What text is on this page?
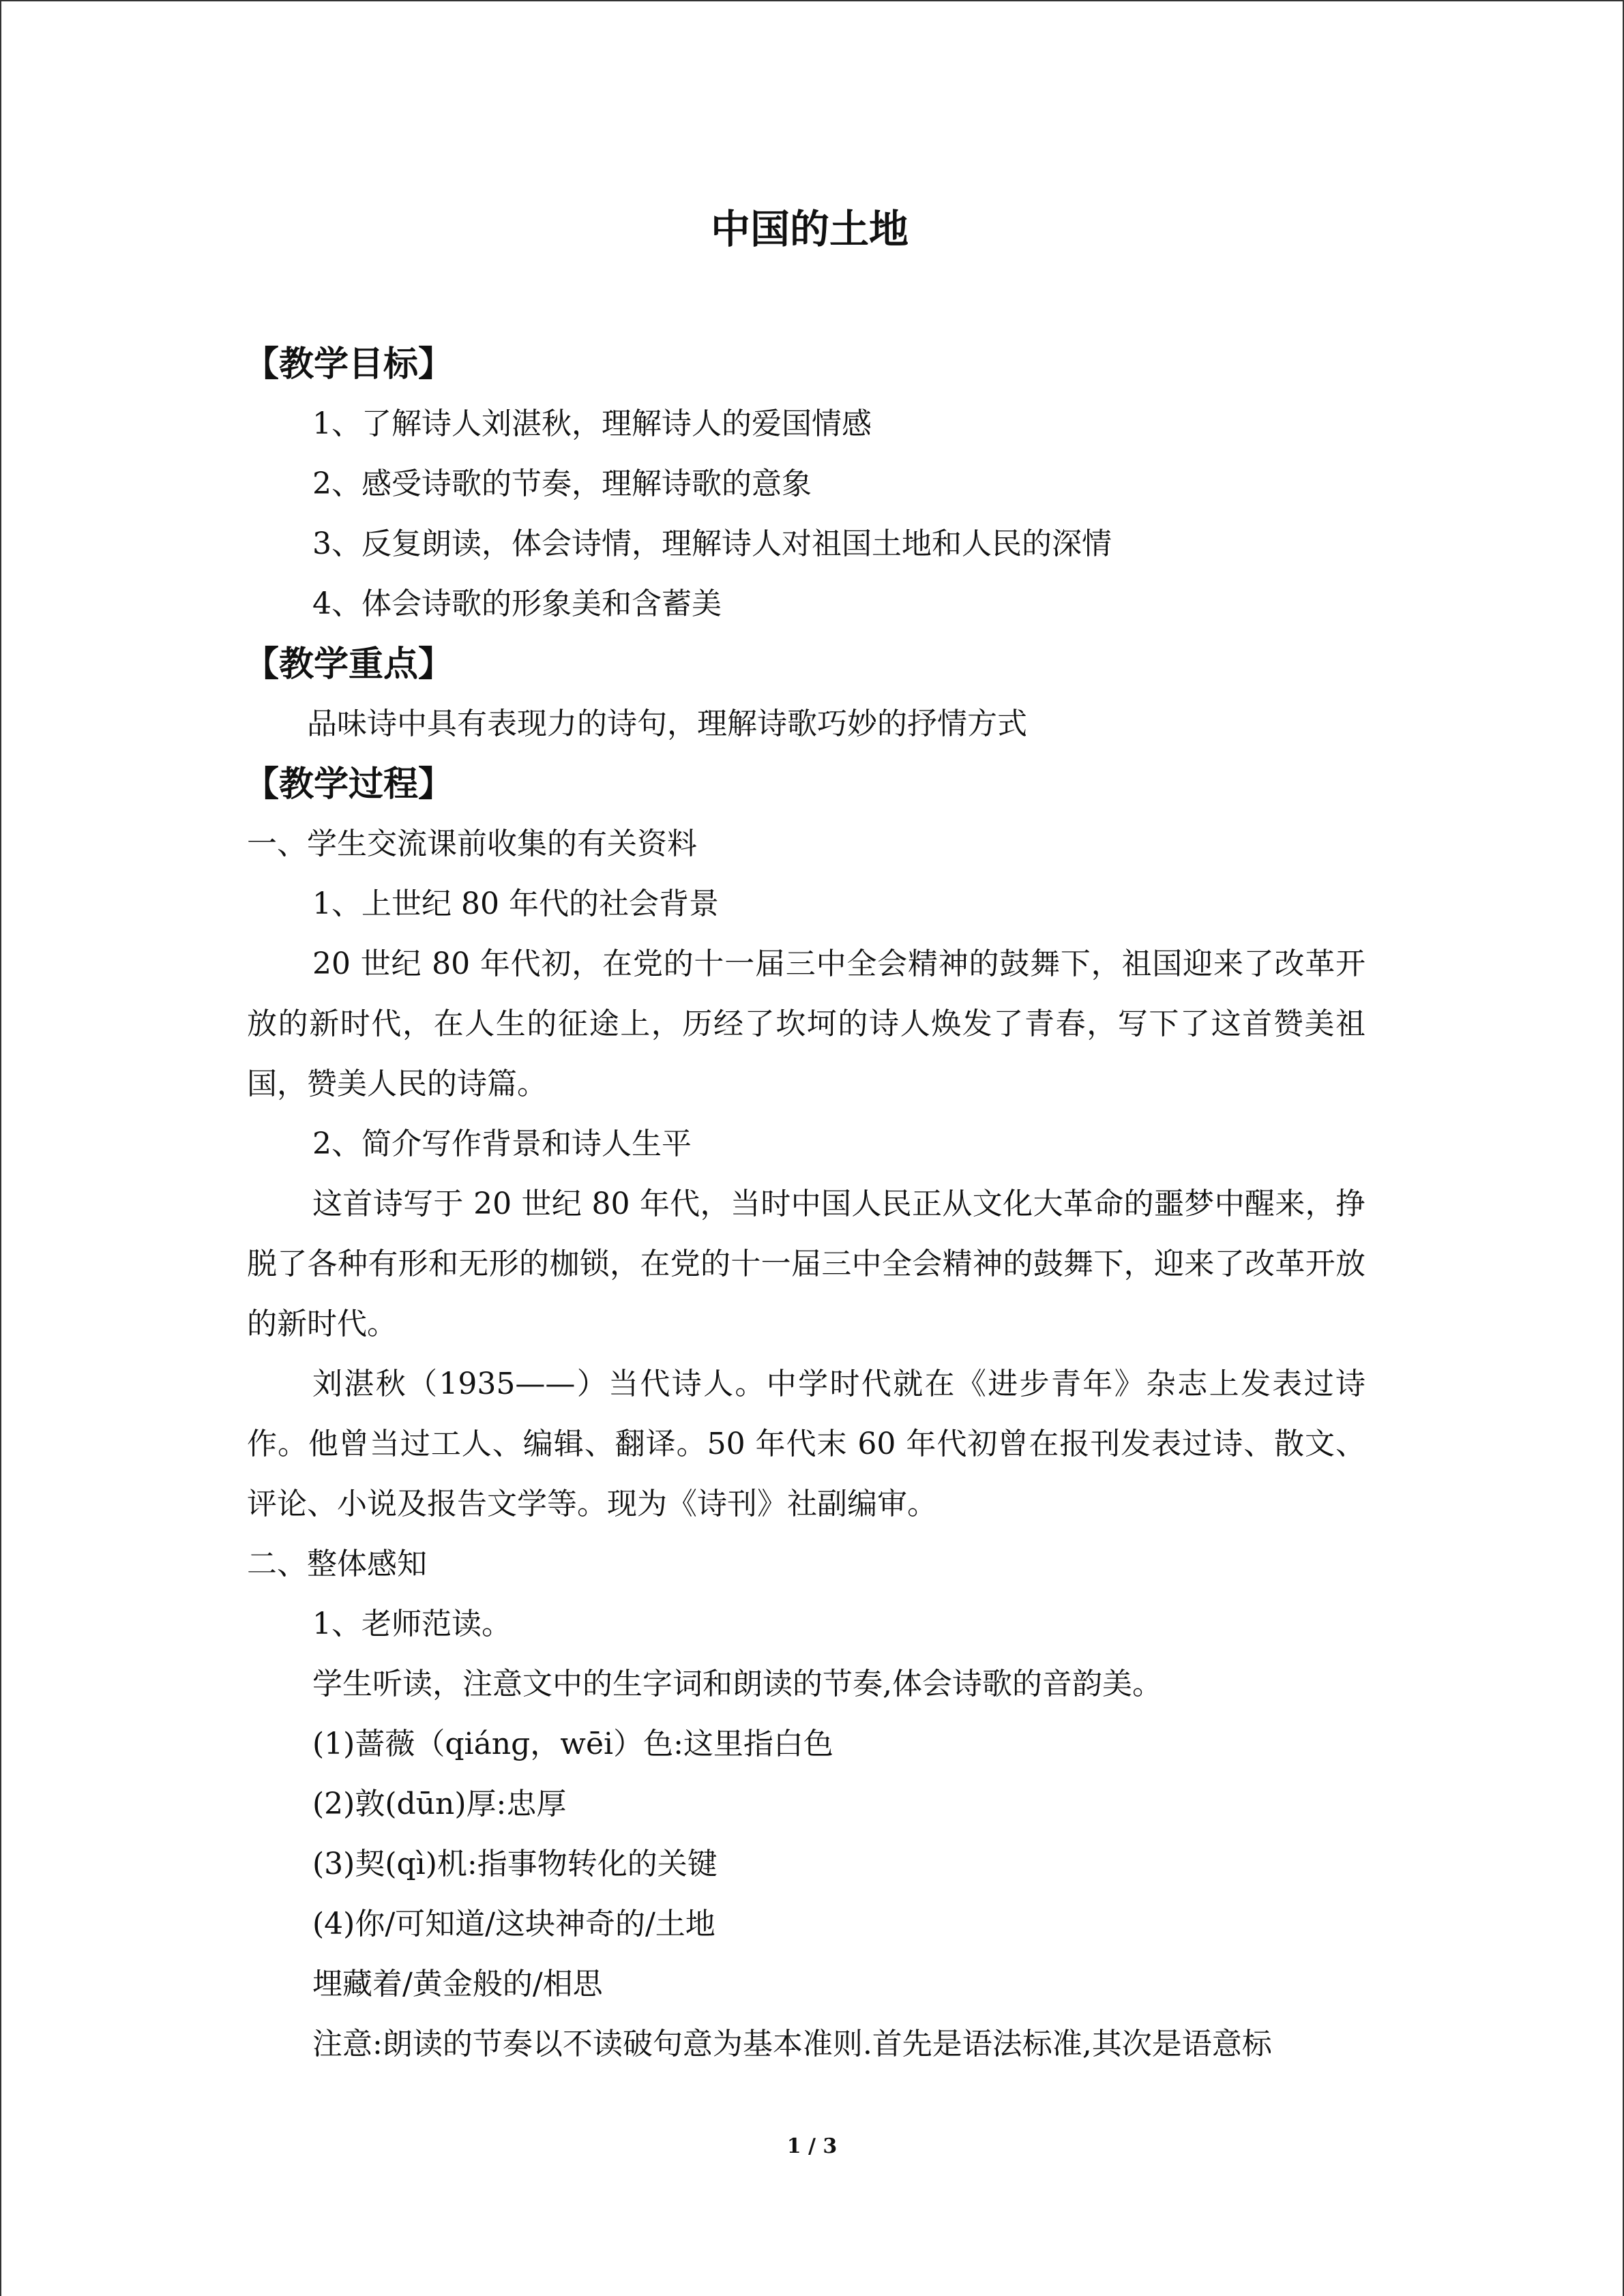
中国的土地
【教学目标】
1、了解诗人刘湛秋，理解诗人的爱国情感
2、感受诗歌的节奏，理解诗歌的意象
3、反复朗读，体会诗情，理解诗人对祖国土地和人民的深情
4、体会诗歌的形象美和含蓄美
【教学重点】
品味诗中具有表现力的诗句，理解诗歌巧妙的抒情方式
【教学过程】
一、学生交流课前收集的有关资料
1、上世纪 80 年代的社会背景

20 世纪 80 年代初，在党的十一届三中全会精神的鼓舞下，祖国迎来了改革开放的新时代，在人生的征途上，历经了坎坷的诗人焕发了青春，写下了这首赞美祖国，赞美人民的诗篇。

2、简介写作背景和诗人生平

这首诗写于 20 世纪 80 年代，当时中国人民正从文化大革命的噩梦中醒来，挣脱了各种有形和无形的枷锁，在党的十一届三中全会精神的鼓舞下，迎来了改革开放的新时代。

刘湛秋（1935——）当代诗人。中学时代就在《进步青年》杂志上发表过诗作。他曾当过工人、编辑、翻译。50 年代末 60 年代初曾在报刊发表过诗、散文、评论、小说及报告文学等。现为《诗刊》社副编审。

二、整体感知
1、老师范读。
学生听读，注意文中的生字词和朗读的节奏,体会诗歌的音韵美。
(1)蔷薇（qiánɡ，wēi）色:这里指白色
(2)敦(dūn)厚:忠厚
(3)契(qì)机:指事物转化的关键
(4)你/可知道/这块神奇的/土地
埋藏着/黄金般的/相思
注意:朗读的节奏以不读破句意为基本准则.首先是语法标准,其次是语意标
1 / 3
